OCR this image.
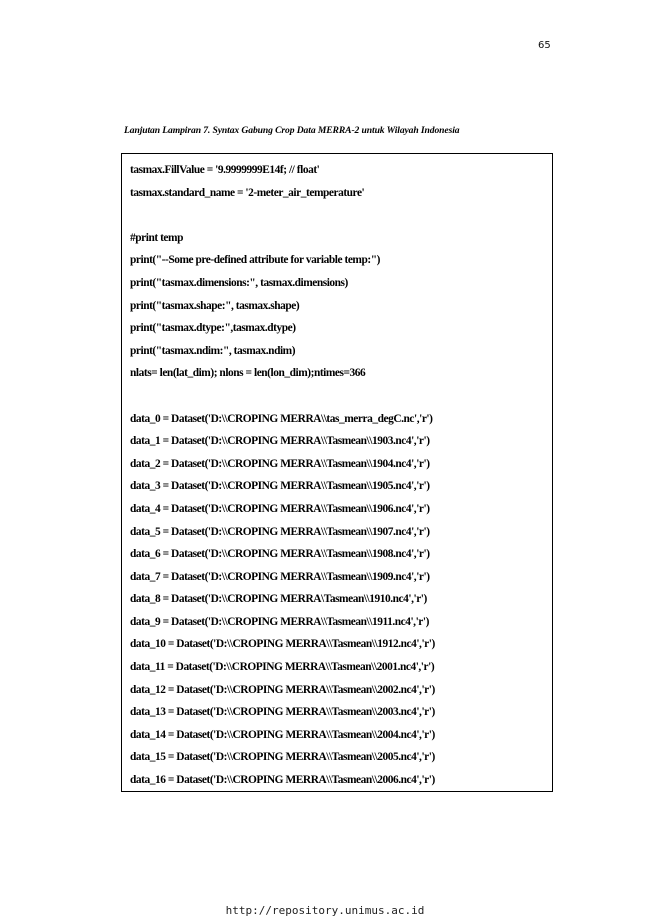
65
Lanjutan Lampiran 7. Syntax Gabung Crop Data MERRA-2 untuk Wilayah Indonesia
tasmax.FillValue = '9.9999999E14f; // float'
tasmax.standard_name = '2-meter_air_temperature'
#print temp
print("--Some pre-defined attribute for variable temp:")
print("tasmax.dimensions:", tasmax.dimensions)
print("tasmax.shape:", tasmax.shape)
print("tasmax.dtype:",tasmax.dtype)
print("tasmax.ndim:", tasmax.ndim)
nlats= len(lat_dim); nlons = len(lon_dim);ntimes=366
data_0 = Dataset('D:\\CROPING MERRA\\tas_merra_degC.nc','r')
data_1 = Dataset('D:\\CROPING MERRA\\Tasmean\\1903.nc4','r')
data_2 = Dataset('D:\\CROPING MERRA\\Tasmean\\1904.nc4','r')
data_3 = Dataset('D:\\CROPING MERRA\\Tasmean\\1905.nc4','r')
data_4 = Dataset('D:\\CROPING MERRA\\Tasmean\\1906.nc4','r')
data_5 = Dataset('D:\\CROPING MERRA\\Tasmean\\1907.nc4','r')
data_6 = Dataset('D:\\CROPING MERRA\\Tasmean\\1908.nc4','r')
data_7 = Dataset('D:\\CROPING MERRA\\Tasmean\\1909.nc4','r')
data_8 = Dataset('D:\\CROPING MERRA\Tasmean\\1910.nc4','r')
data_9 = Dataset('D:\\CROPING MERRA\\Tasmean\\1911.nc4','r')
data_10 = Dataset('D:\\CROPING MERRA\\Tasmean\\1912.nc4','r')
data_11 = Dataset('D:\\CROPING MERRA\\Tasmean\\2001.nc4','r')
data_12 = Dataset('D:\\CROPING MERRA\\Tasmean\\2002.nc4','r')
data_13 = Dataset('D:\\CROPING MERRA\\Tasmean\\2003.nc4','r')
data_14 = Dataset('D:\\CROPING MERRA\\Tasmean\\2004.nc4','r')
data_15 = Dataset('D:\\CROPING MERRA\\Tasmean\\2005.nc4','r')
data_16 = Dataset('D:\\CROPING MERRA\\Tasmean\\2006.nc4','r')
http://repository.unimus.ac.id
